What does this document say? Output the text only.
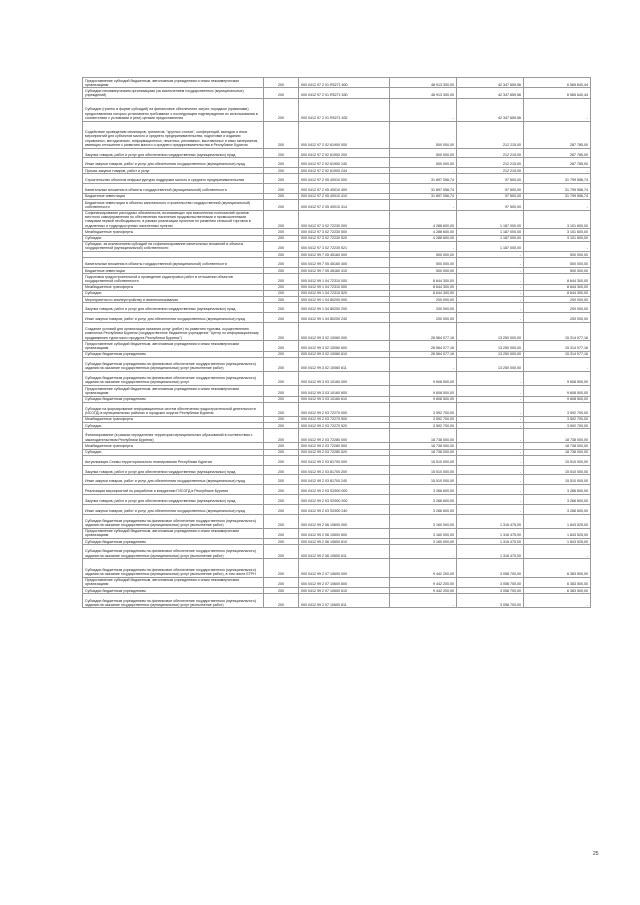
Предоставление субсидий бюджетным, автономным учреждениям и иным некоммерческим организациям	200	000 0412 97 2 01 R5271 600	48 913 300,00	42 347 659,56	6 565 640,44
Субсидии некоммерческим организациям (за исключением государственных (муниципальных) учреждений)	200	000 0412 97 2 01 R5271 630	48 913 300,00	42 347 659,56	6 565 640,44
Субсидии (гранты в форме субсидий) на финансовое обеспечение затрат, порядком (правилами) предоставления которых установлено требование о последующем подтверждении их использования в соответствии с условиями и (или) целями предоставления	200	000 0412 97 2 01 R5271 632	-	42 347 659,56	-
Содействие проведению семинаров, тренингов, "круглых столов", конференций, выездов и иных мероприятий для субъектов малого и среднего предпринимательства, подготовке и изданию справочных, методических, информационных, печатных, рекламных, выставочных и иных материалов, имеющих отношение к развитию малого и среднего предпринимательства в Республике Бурятия	200	000 0412 97 2 02 61900 000	500 000,00	212 215,00	287 785,00
Закупка товаров, работ и услуг для обеспечения государственных (муниципальных) нужд	200	000 0412 97 2 02 61900 200	500 000,00	212 215,00	287 785,00
Иные закупки товаров, работ и услуг для обеспечения государственных (муниципальных) нужд	200	000 0412 97 2 02 61900 240	500 000,00	212 215,00	287 785,00
Прочая закупка товаров, работ и услуг	200	000 0412 97 2 02 61900 244	-	212 215,00	-
Строительство объектов инфраструктуры поддержки малого и среднего предпринимательства	200	000 0412 97 2 05 40010 000	31 897 056,74	97 500,00	31 799 556,74
Капитальные вложения в объекты государственной (муниципальной) собственности	200	000 0412 97 2 05 40010 400	31 897 056,74	97 500,00	31 799 556,74
Бюджетные инвестиции	200	000 0412 97 2 05 40010 410	31 897 056,74	97 500,00	31 799 556,74
Бюджетные инвестиции в объекты капитального строительства государственной (муниципальной) собственности	200	000 0412 97 2 05 40010 414	-	97 500,00	-
Софинансирование расходных обязательств, возникающих при выполнении полномочий органов местного самоуправления по обеспечению населения продовольственными и промышленными товарами первой необходимости, в рамках реализации проектов по развитию сельской торговли в отдаленных и труднодоступных населенных пунктах	200	000 0412 97 3 02 72230 000	4 288 600,00	1 187 000,00	3 101 600,00
Межбюджетные трансферты	200	000 0412 97 3 02 72230 500	4 288 600,00	1 187 000,00	3 101 600,00
Субсидии	200	000 0412 97 3 02 72230 520	4 288 600,00	1 187 000,00	3 101 600,00
Субсидии, за исключением субсидий на софинансирование капитальных вложений в объекты государственной (муниципальной) собственности	200	000 0412 97 3 02 72230 521	-	1 187 000,00	-
	200	000 0412 99 7 05 45160 000	500 000,00	-	500 000,00
Капитальные вложения в объекты государственной (муниципальной) собственности	200	000 0412 99 7 05 45160 400	500 000,00	-	500 000,00
Бюджетные инвестиции	200	000 0412 99 7 05 45160 410	500 000,00	-	500 000,00
Подготовка градостроительной и проведение кадастровых работ в отношении объектов государственной собственности	200	000 0412 99 1 04 72310 000	8 644 300,00	-	8 644 300,00
Межбюджетные трансферты	200	000 0412 99 1 04 72310 500	8 644 300,00	-	8 644 300,00
Субсидии	200	000 0412 99 1 04 72310 520	8 644 300,00	-	8 644 300,00
Мероприятия по землеустройству и землепользованию	200	000 0412 99 1 04 80200 000	200 000,00	-	200 000,00
Закупка товаров, работ и услуг для обеспечения государственных (муниципальных) нужд	200	000 0412 99 1 04 80200 200	200 000,00	-	200 000,00
Иные закупки товаров, работ и услуг для обеспечения государственных (муниципальных) нужд	200	000 0412 99 1 04 80200 240	200 000,00	-	200 000,00
Создание условий для организации оказания услуг (работ) по развитию туризма, осуществлению комплекса Республики Бурятия (государственное бюджетное учреждение "Центр по информационному продвижению туристского продукта Республики Бурятия")	200	000 0412 99 3 02 10060 000	28 564 077,16	13 250 000,00	15 314 077,16
Предоставление субсидий бюджетным, автономным учреждениям и иным некоммерческим организациям	200	000 0412 99 3 02 10060 600	28 564 077,16	13 250 000,00	15 314 077,16
Субсидии бюджетным учреждениям	200	000 0412 99 3 02 10060 610	28 564 077,16	13 250 000,00	15 314 077,16
Субсидии бюджетным учреждениям на финансовое обеспечение государственного (муниципального) задания на оказание государственных (муниципальных) услуг (выполнение работ)	200	000 0412 99 3 02 10060 611	-	13 250 000,00	-
Субсидии бюджетным учреждениям на финансовое обеспечение государственного (муниципального) задания на оказание государственных (муниципальных) услуг	200	000 0412 99 3 03 10160 000	9 608 500,00	-	9 608 500,00
Предоставление субсидий бюджетным, автономным учреждениям и иным некоммерческим организациям	200	000 0412 99 3 03 10160 600	9 608 500,00	-	9 608 500,00
Субсидии бюджетным учреждениям	200	000 0412 99 3 03 10160 610	9 608 500,00	-	9 608 500,00
Субсидии на формирование информационных систем обеспечения градостроительной деятельности (ИСОГД) в муниципальных районах и городских округах Республики Бурятия	200	000 0412 99 2 03 72270 000	3 592 700,00	-	3 592 700,00
Межбюджетные трансферты	200	000 0412 99 2 03 72270 500	3 592 700,00	-	3 592 700,00
Субсидии	200	000 0412 99 2 03 72270 520	3 592 700,00	-	3 592 700,00
Финансирование (в рамках определения территории муниципальных образований в соответствии с законодательством Республики Бурятия)	200	000 0412 99 2 03 72280 000	18 738 000,00	-	18 738 000,00
Межбюджетные трансферты	200	000 0412 99 2 03 72280 500	18 738 000,00	-	18 738 000,00
Субсидии	200	000 0412 99 2 03 72280 520	18 738 000,00	-	18 738 000,00
Актуализация Схемы территориального планирования Республики Бурятия	200	000 0412 99 2 03 81700 000	15 510 000,00	-	15 510 000,00
Закупка товаров, работ и услуг для обеспечения государственных (муниципальных) нужд	200	000 0412 99 2 03 81700 200	15 510 000,00	-	15 510 000,00
Иные закупки товаров, работ и услуг для обеспечения государственных (муниципальных) нужд	200	000 0412 99 2 03 81700 240	15 510 000,00	-	15 510 000,00
Реализация мероприятий по разработке и внедрению ГИСОГД в Республике Бурятия	200	000 0412 99 2 03 S2900 000	3 266 600,00	-	3 266 600,00
Закупка товаров, работ и услуг для обеспечения государственных (муниципальных) нужд	200	000 0412 99 2 03 S2900 200	3 266 600,00	-	3 266 600,00
Иные закупки товаров, работ и услуг для обеспечения государственных (муниципальных) нужд	200	000 0412 99 2 03 S2900 240	3 266 600,00	-	3 266 600,00
Субсидии бюджетным учреждениям на финансовое обеспечение государственного (муниципального) задания на оказание государственных (муниципальных) услуг (выполнение работ)	200	000 0412 99 2 06 10600 000	3 160 000,00	1 316 475,00	1 843 525,00
Предоставление субсидий бюджетным, автономным учреждениям и иным некоммерческим организациям	200	000 0412 99 2 06 10600 600	3 160 000,00	1 316 475,00	1 843 525,00
Субсидии бюджетным учреждениям	200	000 0412 99 2 06 10600 610	3 160 000,00	1 316 475,00	1 843 525,00
Субсидии бюджетным учреждениям на финансовое обеспечение государственного (муниципального) задания на оказание государственных (муниципальных) услуг (выполнение работ)	200	000 0412 99 2 06 10600 611	-	1 316 475,00	-
Субсидии бюджетным учреждениям на финансовое обеспечение государственного (муниципального) задания на оказание государственных (муниципальных) услуг (выполнение работ), в том числе ЕГРН	200	000 0412 99 2 07 10600 000	9 442 200,00	3 058 700,00	6 383 500,00
Предоставление субсидий бюджетным, автономным учреждениям и иным некоммерческим организациям	200	000 0412 99 2 07 10600 600	9 442 200,00	3 058 700,00	6 383 500,00
Субсидии бюджетным учреждениям	200	000 0412 99 2 07 10600 610	9 442 200,00	3 058 700,00	6 383 500,00
Субсидии бюджетным учреждениям на финансовое обеспечение государственного (муниципального) задания на оказание государственных (муниципальных) услуг (выполнение работ)	200	000 0412 99 2 07 10600 611	-	3 058 700,00	-
25
